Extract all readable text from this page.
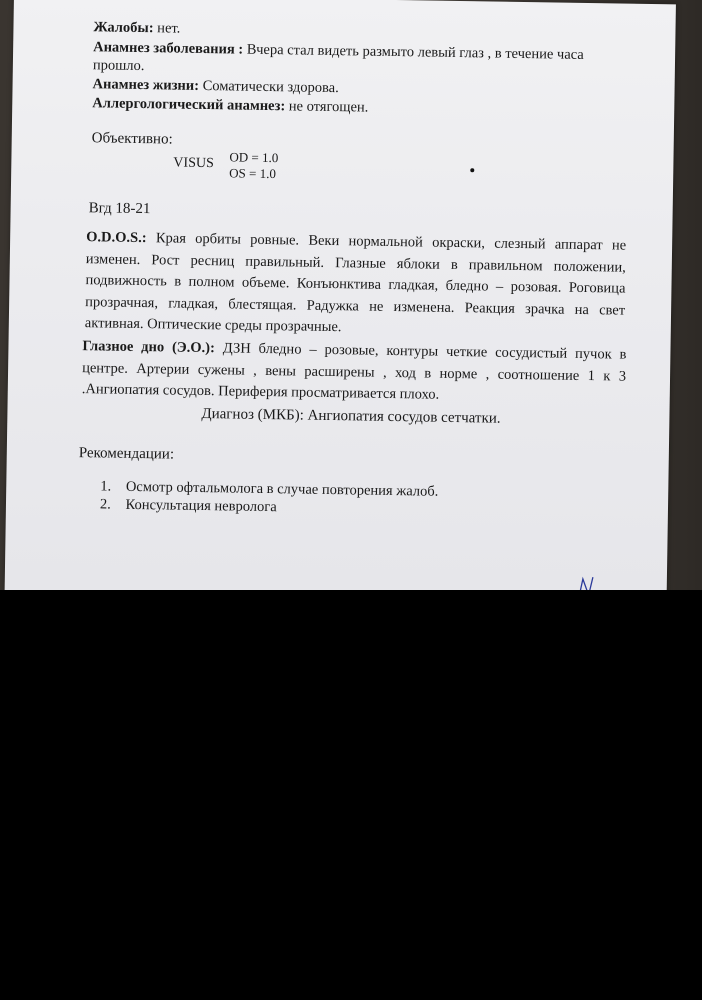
Жалобы: нет.
Анамнез заболевания : Вчера стал видеть размыто левый глаз , в течение часа
прошло.
Анамнез жизни: Соматически здорова.
Аллергологический анамнез: не отягощен.
Объективно:
VISUS OD = 1.0
OS = 1.0
Вгд 18-21
O.D.O.S.: Края орбиты ровные. Веки нормальной окраски, слезный аппарат не изменен. Рост ресниц правильный. Глазные яблоки в правильном положении, подвижность в полном объеме. Конъюнктива гладкая, бледно – розовая. Роговица прозрачная, гладкая, блестящая. Радужка не изменена. Реакция зрачка на свет активная. Оптические среды прозрачные.
Глазное дно (Э.О.): ДЗН бледно – розовые, контуры четкие сосудистый пучок в центре. Артерии сужены , вены расширены , ход в норме , соотношение 1 к 3 .Ангиопатия сосудов. Периферия просматривается плохо.
Диагноз (МКБ): Ангиопатия сосудов сетчатки.
Рекомендации:
1. Осмотр офтальмолога в случае повторения жалоб.
2. Консультация невролога
